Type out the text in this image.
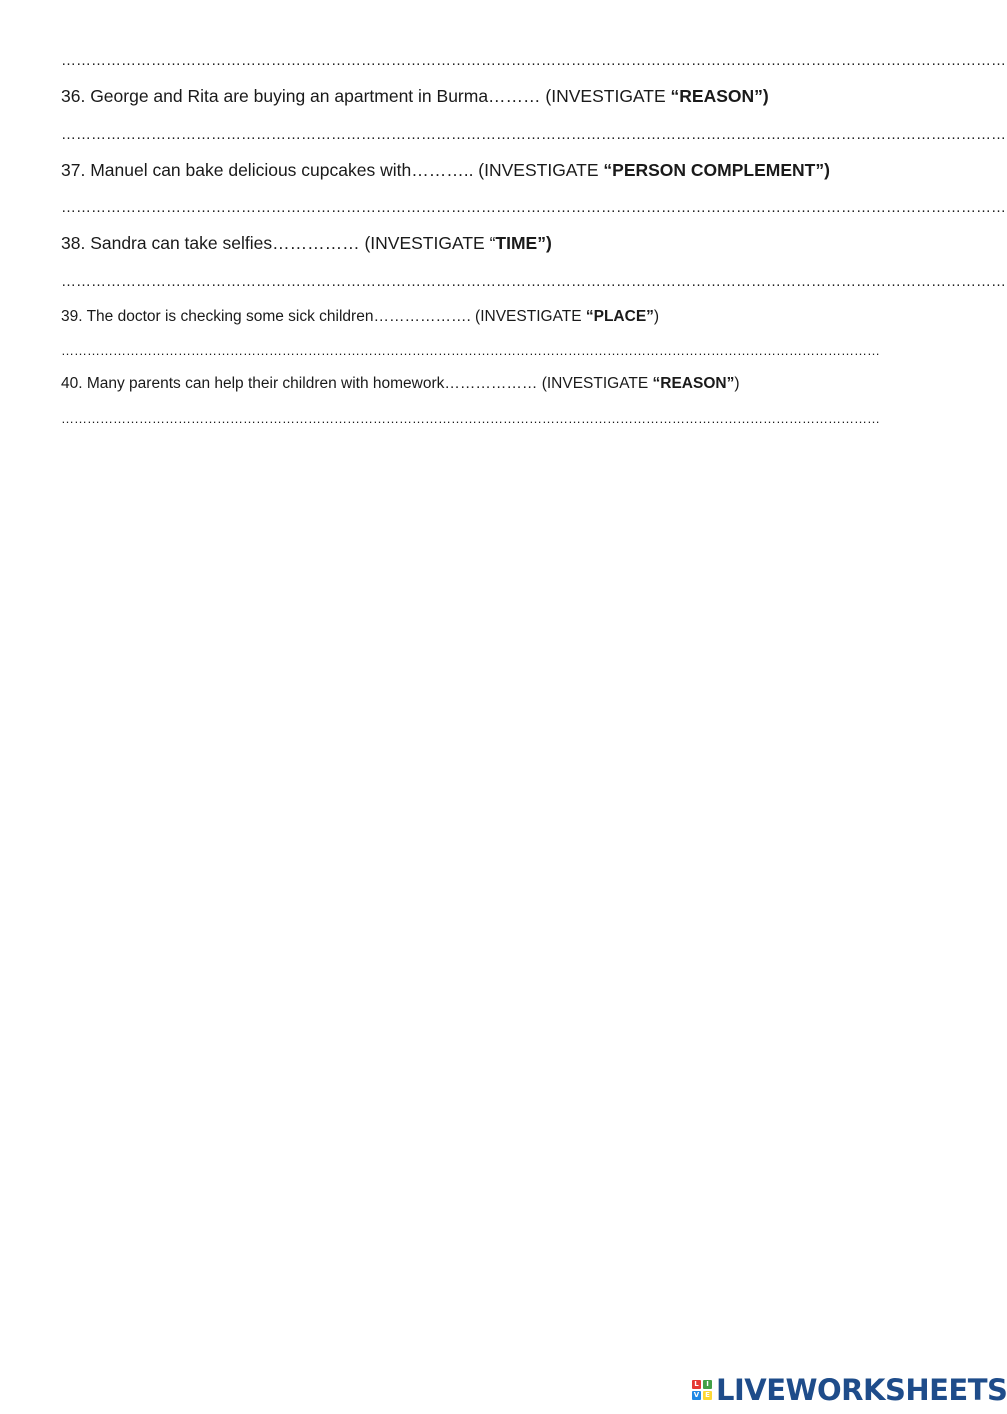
………………………………………………………………………………………………………………………………………………………………………
36. George and Rita are buying an apartment in Burma……… (INVESTIGATE “REASON”)
………………………………………………………………………………………………………………………………………………………………………
37. Manuel can bake delicious cupcakes with……….. (INVESTIGATE “PERSON COMPLEMENT”)
………………………………………………………………………………………………………………………………………………………………………
38. Sandra can take selfies…………… (INVESTIGATE “TIME”)
………………………………………………………………………………………………………………………………………………………………………
39. The doctor is checking some sick children………………. (INVESTIGATE “PLACE”)
………………………………………………………………………………………………………………………………………………………………………
40. Many parents can help their children with homework……………… (INVESTIGATE “REASON”)
………………………………………………………………………………………………………………………………………………………………………
L	I
V E LIVEWORKSHEETS
